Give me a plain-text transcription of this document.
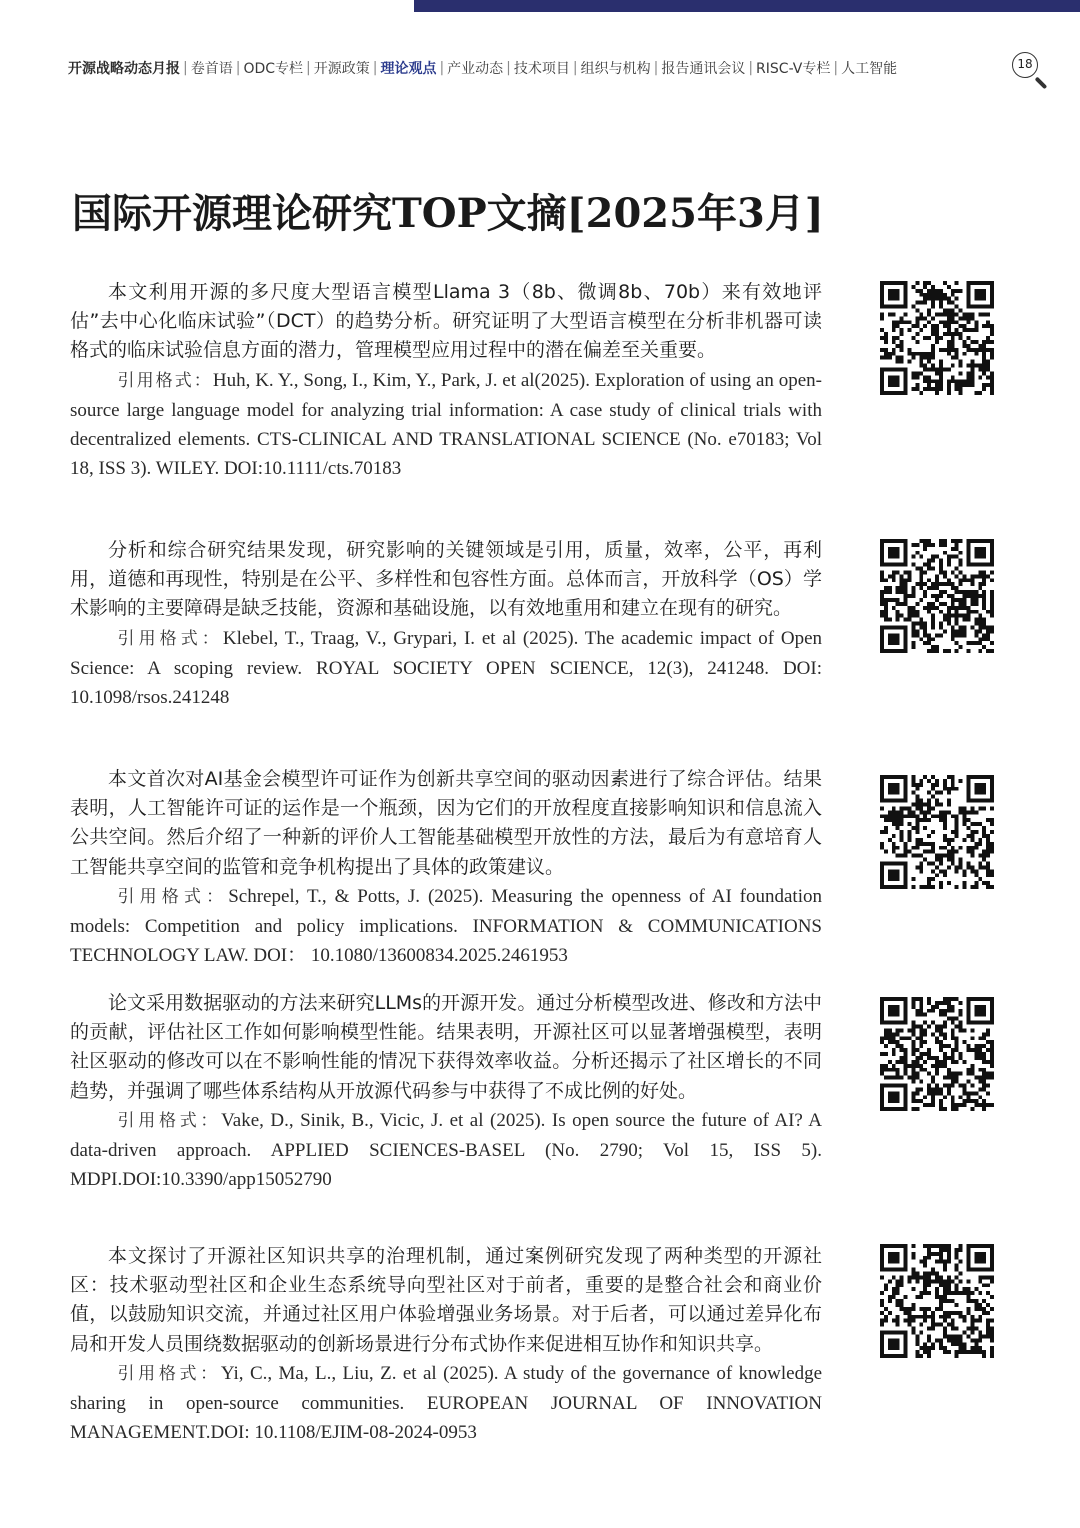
开源战略动态月报 | 卷首语 | ODC专栏 | 开源政策 | 理论观点 | 产业动态 | 技术项目 | 组织与机构 | 报告通讯会议 | RISC-V专栏 | 人工智能	18
国际开源理论研究TOP文摘[2025年3月]

本文利用开源的多尺度大型语言模型Llama 3（8b、微调8b、70b）来有效地评估”去中心化临床试验”（DCT）的趋势分析。研究证明了大型语言模型在分析非机器可读格式的临床试验信息方面的潜力，管理模型应用过程中的潜在偏差至关重要。

引用格式：Huh, K. Y., Song, I., Kim, Y., Park, J. et al(2025). Exploration of using an open-source large language model for analyzing trial information: A case study of clinical trials with decentralized elements. CTS-CLINICAL AND TRANSLATIONAL SCIENCE (No. e70183; Vol 18, ISS 3). WILEY. DOI:10.1111/cts.70183

分析和综合研究结果发现，研究影响的关键领域是引用，质量，效率，公平，再利用，道德和再现性，特别是在公平、多样性和包容性方面。总体而言，开放科学（OS）学术影响的主要障碍是缺乏技能，资源和基础设施，以有效地重用和建立在现有的研究。

引用格式：Klebel, T., Traag, V., Grypari, I. et al (2025). The academic impact of Open Science: A scoping review. ROYAL SOCIETY OPEN SCIENCE, 12(3), 241248. DOI: 10.1098/rsos.241248

本文首次对AI基金会模型许可证作为创新共享空间的驱动因素进行了综合评估。结果表明，人工智能许可证的运作是一个瓶颈，因为它们的开放程度直接影响知识和信息流入公共空间。然后介绍了一种新的评价人工智能基础模型开放性的方法，最后为有意培育人工智能共享空间的监管和竞争机构提出了具体的政策建议。

引用格式：Schrepel, T., & Potts, J. (2025). Measuring the openness of AI foundation models: Competition and policy implications. INFORMATION & COMMUNICATIONS TECHNOLOGY LAW. DOI： 10.1080/13600834.2025.2461953

论文采用数据驱动的方法来研究LLMs的开源开发。通过分析模型改进、修改和方法中的贡献，评估社区工作如何影响模型性能。结果表明，开源社区可以显著增强模型，表明社区驱动的修改可以在不影响性能的情况下获得效率收益。分析还揭示了社区增长的不同趋势，并强调了哪些体系结构从开放源代码参与中获得了不成比例的好处。

引用格式：Vake, D., Sinik, B., Vicic, J. et al (2025). Is open source the future of AI? A data-driven approach. APPLIED SCIENCES-BASEL (No. 2790; Vol 15, ISS 5). MDPI.DOI:10.3390/app15052790

本文探讨了开源社区知识共享的治理机制，通过案例研究发现了两种类型的开源社区：技术驱动型社区和企业生态系统导向型社区对于前者，重要的是整合社会和商业价值，以鼓励知识交流，并通过社区用户体验增强业务场景。对于后者，可以通过差异化布局和开发人员围绕数据驱动的创新场景进行分布式协作来促进相互协作和知识共享。

引用格式：Yi, C., Ma, L., Liu, Z. et al (2025). A study of the governance of knowledge sharing in open-source communities. EUROPEAN JOURNAL OF INNOVATION MANAGEMENT.DOI: 10.1108/EJIM-08-2024-0953
